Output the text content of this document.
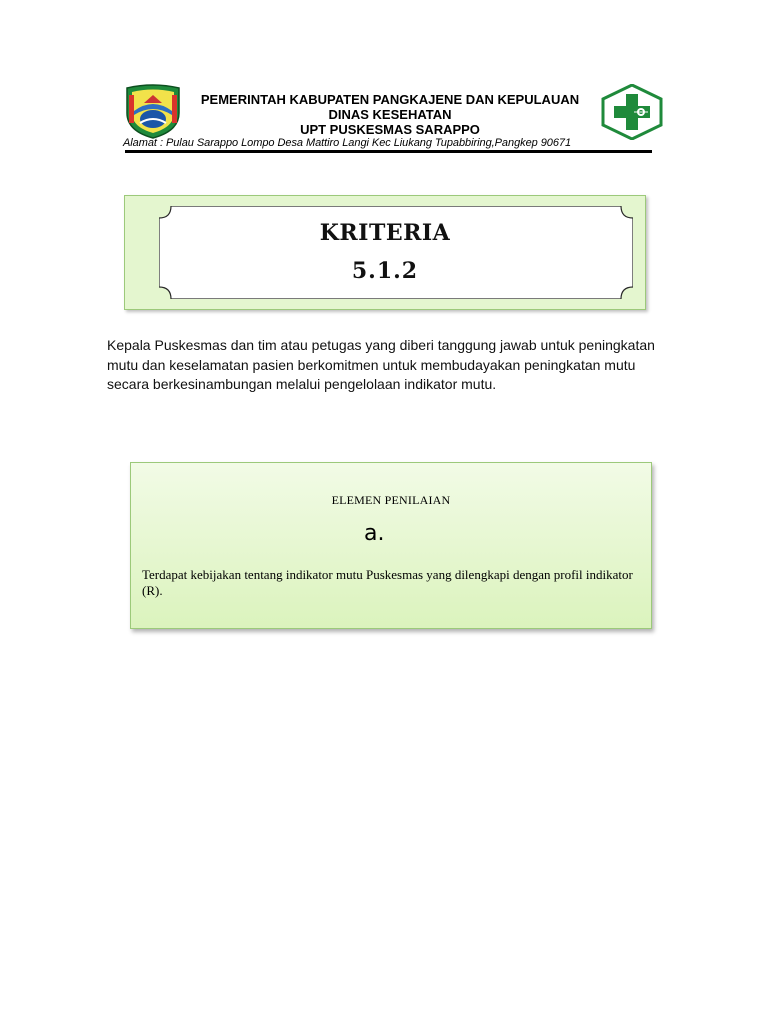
PEMERINTAH KABUPATEN PANGKAJENE DAN KEPULAUAN
DINAS KESEHATAN
UPT PUSKESMAS SARAPPO
Alamat : Pulau Sarappo Lompo Desa Mattiro Langi Kec Liukang Tupabbiring,Pangkep 90671
KRITERIA
5.1.2
Kepala Puskesmas dan tim atau petugas yang diberi tanggung jawab untuk peningkatan mutu dan keselamatan pasien berkomitmen untuk membudayakan peningkatan mutu secara berkesinambungan melalui pengelolaan indikator mutu.
ELEMEN PENILAIAN
a.
Terdapat kebijakan tentang indikator mutu Puskesmas yang dilengkapi dengan profil indikator (R).
